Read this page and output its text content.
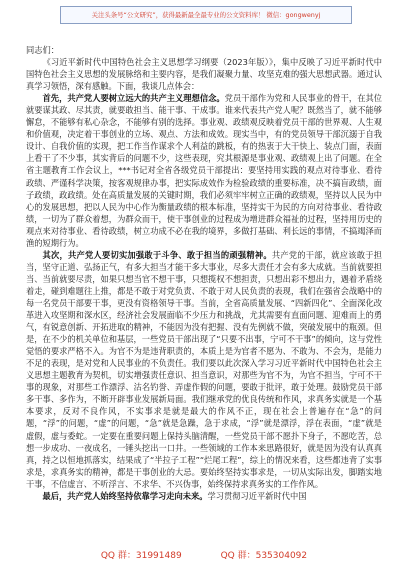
关注头条号“公文研究”，获得最新最全最专业的公文资料库！ 微信：gongwenyj

同志们：

《习近平新时代中国特色社会主义思想学习纲要（2023年版）》，集中反映了习近平新时代中国特色社会主义思想的发展脉络和主要内容，是我们凝聚力量、攻坚克难的强大思想武器。通过认真学习领悟，深有感触。下面，我谈几点体会：

首先，共产党人要树立远大的共产主义理想信念。党员干部作为党和人民事业的骨干，在其位就要谋其政、尽其责，就要敢担当、能干事、干成事。谁来代表共产党人呢？既然当了，就不能够懈怠，不能够有私心杂念，不能够有别的选择。事业观、政绩观反映着党员干部的世界观、人生观和价值观，决定着干事创业的立场、观点、方法和成效。现实当中，有的党员领导干部沉溺于自我设计、自我价值的实现，把工作当作谋求个人利益的跳板，有的热衷于大干快上、装点门面，表面上看干了不少事，其实背后的问题不少，这些表现，究其根源是事业观、政绩观上出了问题。在全省主题教育工作会议上，***书记对全省各级党员干部提出：要坚持用实践的观点对待事业、看待政绩、严谨科学决策，按客观规律办事，把实际成效作为检验政绩的重要标准，决不搞盲政绩，面子政绩，政政绩。处在高质量发展的关键时期，我们必须牢牢树立正确的政绩观，坚持以人民为中心的发展思想，把以人民为中心作为衡量政绩的根本标准，坚持实干为民的方向对待事业、看待政绩，一切为了群众着想，为群众而干，使干事创业的过程成为增进群众福祉的过程，坚持用历史的观点来对待事业、看待政绩，树立功成不必在我的境界，多做打基础、利长远的事情，不搞竭泽而渔的短期行为。

其次，共产党人要切实加强敢于斗争、敢于担当的顽强精神。共产党的干部，就应该敢于担当，坚守正道、弘扬正气，有多大担当才能干多大事业，尽多大责任才会有多大成就。当前就要担当、当前就要尽责，如果只想当官不想干事，只想揽权不想担责，只想出彩不想出力，遇着矛盾绕着走，碰到难题往上推，都是不敢于对党负责、不敢于对人民负责的表现，我们在强省会战略中的每一名党员干部要干事，更没有资格领导干事。当前，全省高质量发展、“四新四化”、全面深化改革进入攻坚期和深水区，经济社会发展面临不少压力和挑战，尤其需要有直面问题、迎难而上的勇气，有锐意创新、开拓进取的精神，不能因为没有把握、没有先例就不做，突破发展中的瓶颈。但是，在不少的机关单位和基层，一些党员干部出现了“只要不出事，宁可不干事”的倾向，这与党性觉悟的要求严格不入。为官不为是违背职责的，本质上是为官者不愿为、不敢为、不会为，是能力不足的表现，是对党和人民事业的不负责任。我们要以此次深入学习习近平新时代中国特色社会主义思想主题教育为契机，切实增强责任意识、担当意识，对那些为官不为，为官不担当，宁可不干事的现象，对那些工作漂浮、沽名钓誉、弄虚作假的问题，要敢于批评，敢于处理。鼓励党员干部多干事、多作为，不断开辟事业发展新局面。我们继承党的优良传统和作风，求真务实就是一个基本要求，反对不良作风，不实事求是就是最大的作风不正，现在社会上普遍存在“急”的问题，“浮”的问题，“虚”的问题，“急”就是急躁，急于求成，“浮”就是漂浮，浮在表面，“虚”就是虚假，虚与委蛇。一定要在重要问题上保持头脑清醒，一些党员干部不愿扑下身子，不愿吃苦，总想一步成功、一夜成名，一锤头挖出一口井。一些领域的工作本来思路很好，就是因为没有认真真真，持之以恒地抓落实，结果成了“半拉子工程”“烂尾工程”，综上的情况来看，这些都违背了实事求是，求真务实的精神，都是干事创业的大忌。要始终坚持实事求是，一切从实际出发，脚踏实地干事，不信虚言、不听浮言、不求华、不兴伪事，始终保持求真务实的工作作风。

最后，共产党人始终坚持依靠学习走向未来。学习贯彻习近平新时代中国

QQ 群：31991489	QQ 群：535304092
